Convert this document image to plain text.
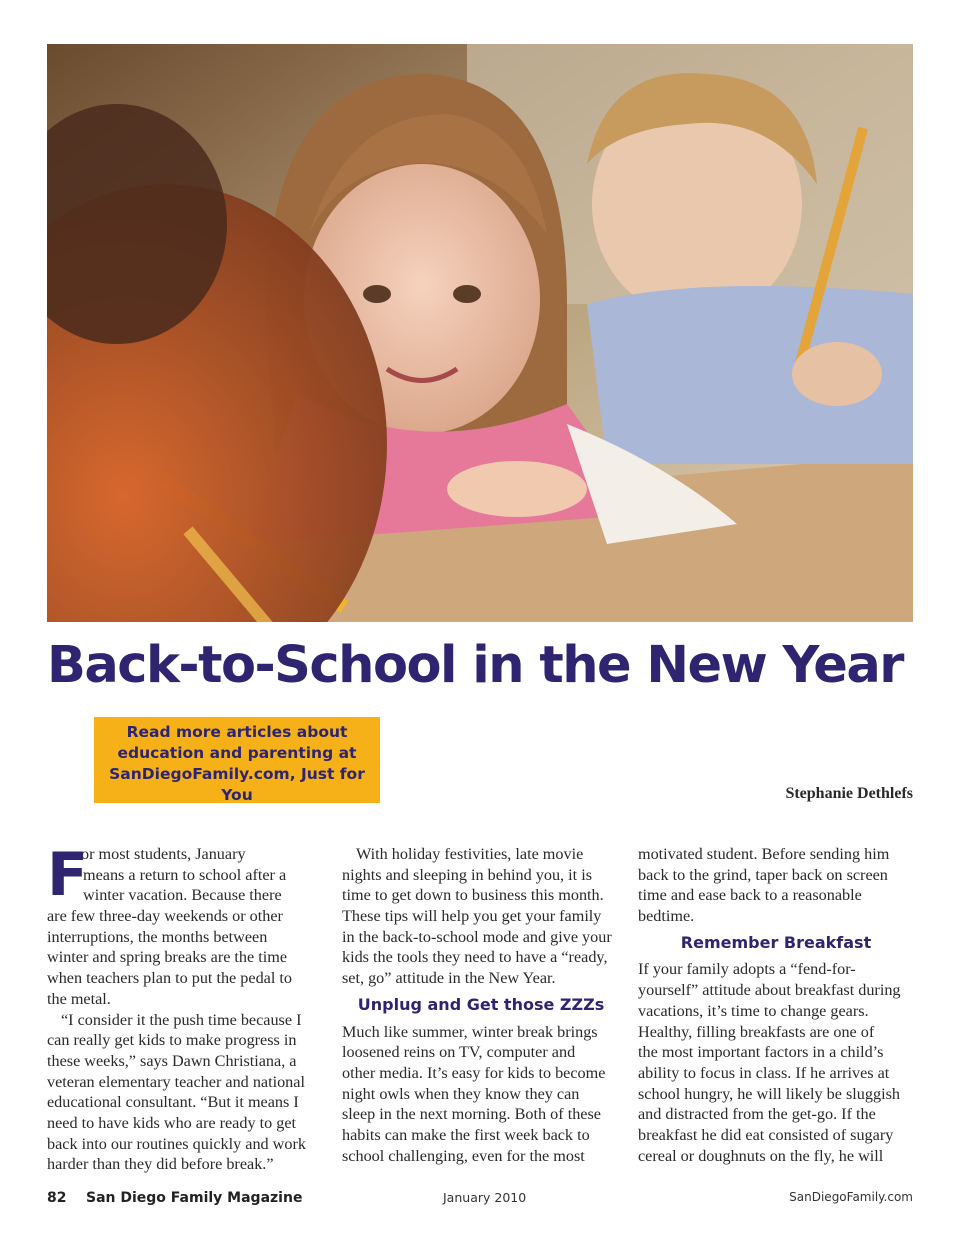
Back-to-School in the New Year
Read more articles about
education and parenting at
SanDiegoFamily.com, Just for You	Stephanie Dethlefs
F
or most students, January
means a return to school after a
winter vacation. Because there
are few three-day weekends or other
interruptions, the months between
winter and spring breaks are the time
when teachers plan to put the pedal to
the metal.
“I consider it the push time because I
can really get kids to make progress in
these weeks,” says Dawn Christiana, a
veteran elementary teacher and national
educational consultant. “But it means I
need to have kids who are ready to get
back into our routines quickly and work
harder than they did before break.”
With holiday festivities, late movie
nights and sleeping in behind you, it is
time to get down to business this month.
These tips will help you get your family
in the back-to-school mode and give your
kids the tools they need to have a “ready,
set, go” attitude in the New Year.
Unplug and Get those ZZZs
Much like summer, winter break brings
loosened reins on TV, computer and
other media. It’s easy for kids to become
night owls when they know they can
sleep in the next morning. Both of these
habits can make the first week back to
school challenging, even for the most
motivated student. Before sending him
back to the grind, taper back on screen
time and ease back to a reasonable
bedtime.
Remember Breakfast
If your family adopts a “fend-for-
yourself” attitude about breakfast during
vacations, it’s time to change gears.
Healthy, filling breakfasts are one of
the most important factors in a child’s
ability to focus in class. If he arrives at
school hungry, he will likely be sluggish
and distracted from the get-go. If the
breakfast he did eat consisted of sugary
cereal or doughnuts on the fly, he will
82 San Diego Family Magazine	January 2010	SanDiegoFamily.com
